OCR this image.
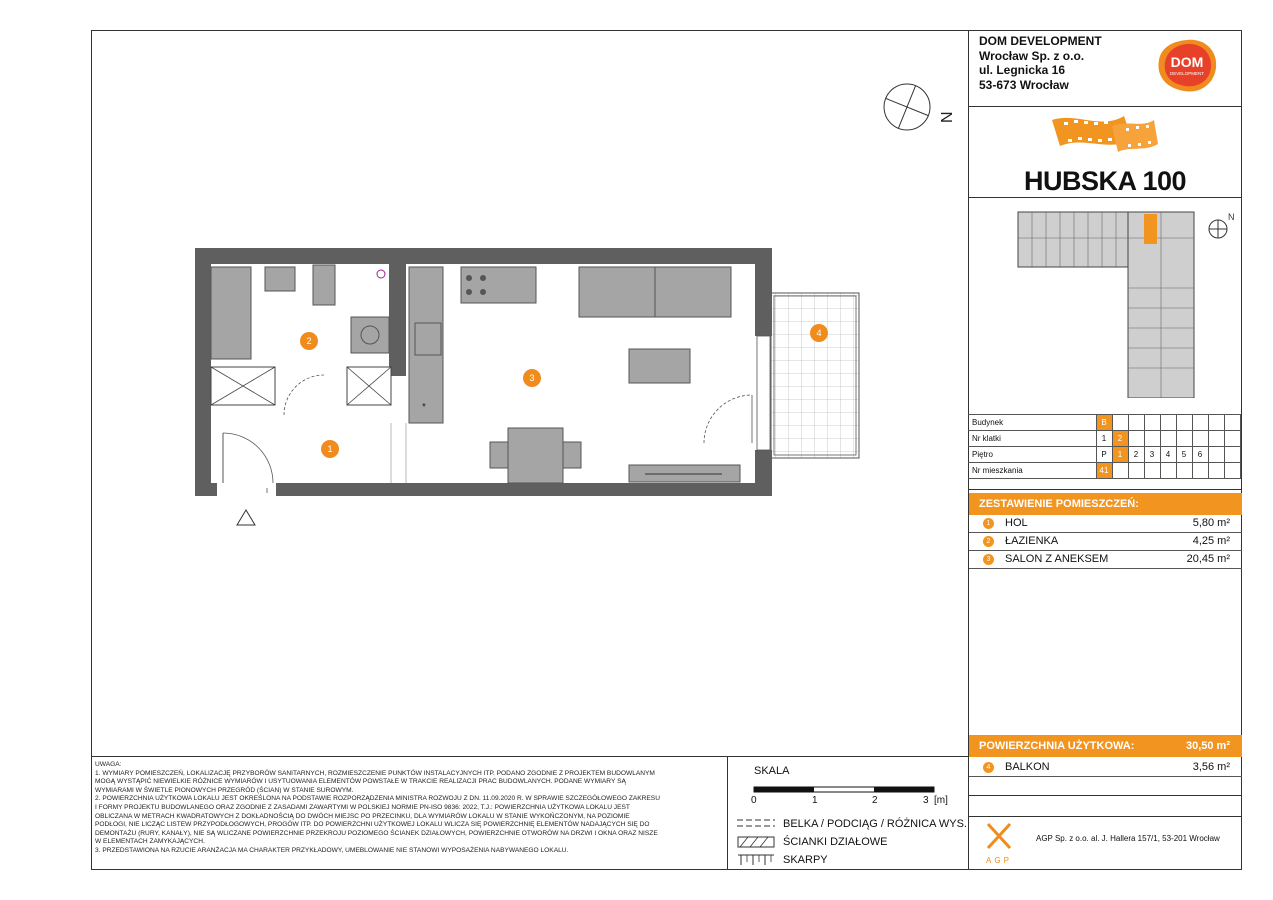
DOM DEVELOPMENT
Wrocław Sp. z o.o.
ul. Legnicka 16
53-673 Wrocław
DOM
DEVELOPMENT
HUBSKA 100
N
Budynek	B								
Nr klatki	1	2							
Piętro	P	1	2	3	4	5	6		
Nr mieszkania	41								
ZESTAWIENIE POMIESZCZEŃ:
1	HOL	5,80 m²
2	ŁAZIENKA	4,25 m²
3	SALON Z ANEKSEM	20,45 m²
POWIERZCHNIA UŻYTKOWA:	30,50 m²
4	BALKON	3,56 m²
UWAGA:
1. WYMIARY POMIESZCZEŃ, LOKALIZACJĘ PRZYBORÓW SANITARNYCH, ROZMIESZCZENIE PUNKTÓW INSTALACYJNYCH ITP. PODANO ZGODNIE Z PROJEKTEM BUDOWLANYM
MOGĄ WYSTĄPIĆ NIEWIELKIE RÓŻNICE WYMIARÓW I USYTUOWANIA ELEMENTÓW POWSTAŁE W TRAKCIE REALIZACJI PRAC BUDOWLANYCH. PODANE WYMIARY SĄ
WYMIARAMI W ŚWIETLE PIONOWYCH PRZEGRÓD (ŚCIAN) W STANIE SUROWYM.
2. POWIERZCHNIA UŻYTKOWA LOKALU JEST OKREŚLONA NA PODSTAWIE ROZPORZĄDZENIA MINISTRA ROZWOJU Z DN. 11.09.2020 R. W SPRAWIE SZCZEGÓŁOWEGO ZAKRESU
I FORMY PROJEKTU BUDOWLANEGO ORAZ ZGODNIE Z ZASADAMI ZAWARTYMI W POLSKIEJ NORMIE PN-ISO 9836: 2022, T.J.: POWIERZCHNIA UŻYTKOWA LOKALU JEST
OBLICZANA W METRACH KWADRATOWYCH Z DOKŁADNOŚCIĄ DO DWÓCH MIEJSC PO PRZECINKU, DLA WYMIARÓW LOKALU W STANIE WYKOŃCZONYM, NA POZIOMIE
PODŁOGI, NIE LICZĄC LISTEW PRZYPODŁOGOWYCH, PROGÓW ITP. DO POWIERZCHNI UŻYTKOWEJ LOKALU WLICZA SIĘ POWIERZCHNIĘ ELEMENTÓW NADAJĄCYCH SIĘ DO
DEMONTAŻU (RURY, KANAŁY), NIE SĄ WLICZANE POWIERZCHNIE PRZEKROJU POZIOMEGO ŚCIANEK DZIAŁOWYCH, POWIERZCHNIE OTWORÓW NA DRZWI I OKNA ORAZ NISZE
W ELEMENTACH ZAMYKAJĄCYCH.
3. PRZEDSTAWIONA NA RZUCIE ARANŻACJA MA CHARAKTER PRZYKŁADOWY, UMEBLOWANIE NIE STANOWI WYPOSAŻENIA NABYWANEGO LOKALU.
SKALA
0	1	2	3 [m]
BELKA / PODCIĄG / RÓŻNICA WYS.
ŚCIANKI DZIAŁOWE
SKARPY	AGP
AGP Sp. z o.o. al. J. Hallera 157/1, 53-201 Wrocław
N
*
1
2
3
4
